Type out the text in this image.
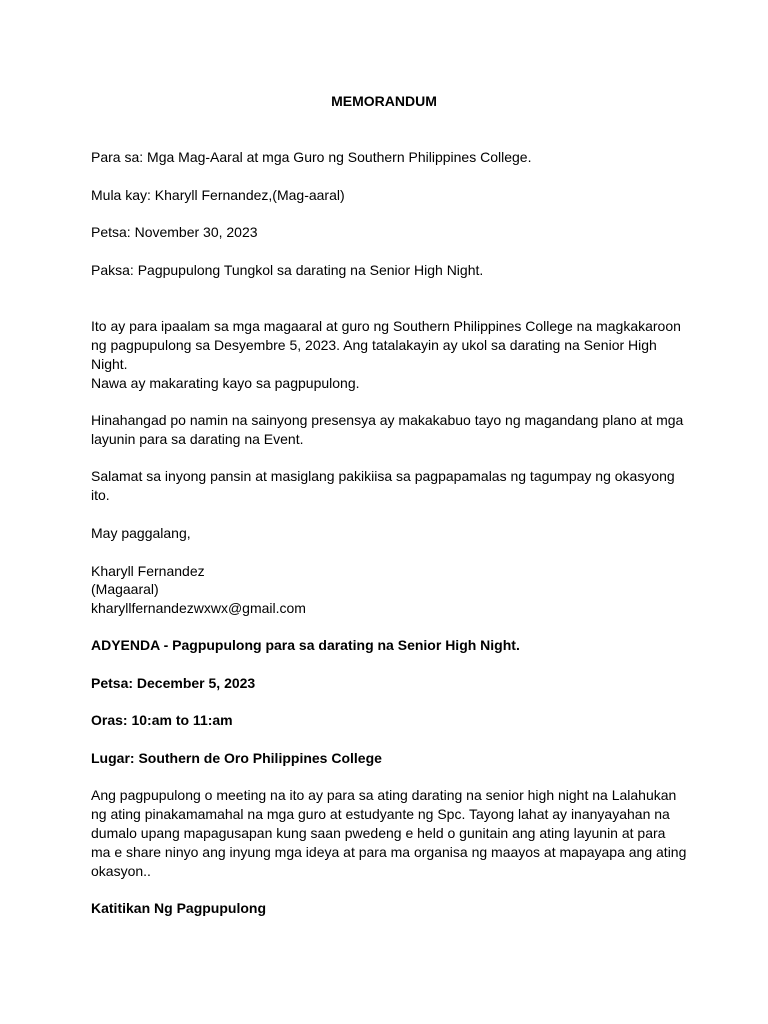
MEMORANDUM
Para sa: Mga Mag-Aaral at mga Guro ng Southern Philippines College.
Mula kay: Kharyll Fernandez,(Mag-aaral)
Petsa: November 30, 2023
Paksa: Pagpupulong Tungkol sa darating na Senior High Night.
Ito ay para ipaalam sa mga magaaral at guro ng Southern Philippines College na magkakaroon
ng pagpupulong sa Desyembre 5, 2023. Ang tatalakayin ay ukol sa darating na Senior High
Night.
Nawa ay makarating kayo sa pagpupulong.
Hinahangad po namin na sainyong presensya ay makakabuo tayo ng magandang plano at mga
layunin para sa darating na Event.
Salamat sa inyong pansin at masiglang pakikiisa sa pagpapamalas ng tagumpay ng okasyong
ito.
May paggalang,
Kharyll Fernandez
(Magaaral)
kharyllfernandezwxwx@gmail.com
ADYENDA - Pagpupulong para sa darating na Senior High Night.
Petsa: December 5, 2023
Oras: 10:am to 11:am
Lugar: Southern de Oro Philippines College
Ang pagpupulong o meeting na ito ay para sa ating darating na senior high night na Lalahukan
ng ating pinakamamahal na mga guro at estudyante ng Spc. Tayong lahat ay inanyayahan na
dumalo upang mapagusapan kung saan pwedeng e held o gunitain ang ating layunin at para
ma e share ninyo ang inyung mga ideya at para ma organisa ng maayos at mapayapa ang ating
okasyon..
Katitikan Ng Pagpupulong
